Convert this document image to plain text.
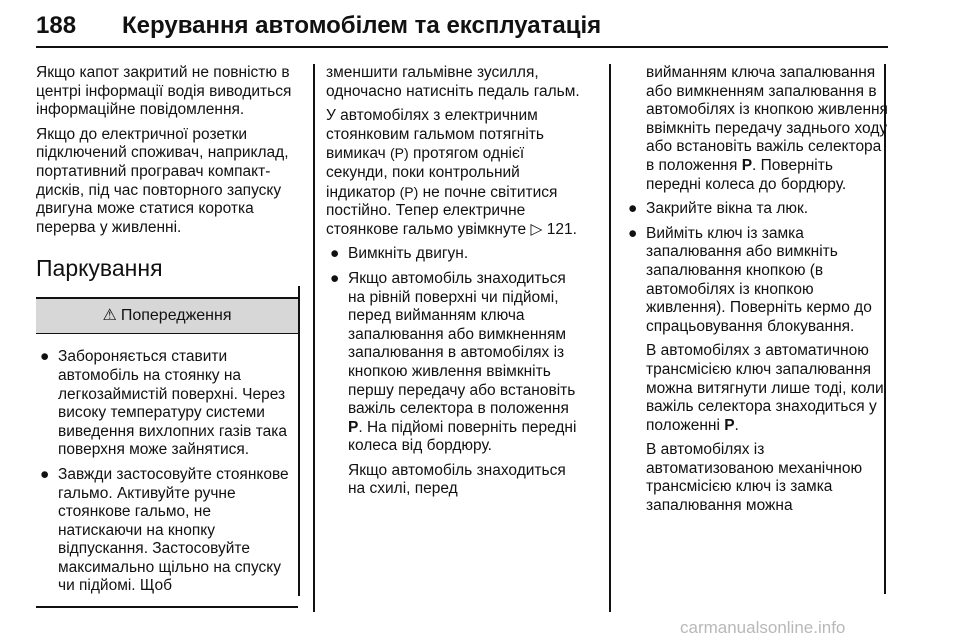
188 Керування автомобілем та експлуатація

Якщо капот закритий не повністю в центрі інформації водія виводиться інформаційне повідомлення.

Якщо до електричної розетки підключений споживач, наприклад, портативний програвач компакт-дисків, під час повторного запуску двигуна може статися коротка перерва у живленні.

Паркування
⚠ Попередження
● Забороняється ставити автомобіль на стоянку на легкозаймистій поверхні. Через високу температуру системи виведення вихлопних газів така поверхня може зайнятися.
● Завжди застосовуйте стоянкове гальмо. Активуйте ручне стоянкове гальмо, не натискаючи на кнопку відпускання. Застосовуйте максимально щільно на спуску чи підйомі. Щоб

зменшити гальмівне зусилля, одночасно натисніть педаль гальм.

У автомобілях з електричним стоянковим гальмом потягніть вимикач (P) протягом однієї секунди, поки контрольний індикатор (P) не почне світитися постійно. Тепер електричне стоянкове гальмо увімкнуте ▷ 121.

● Вимкніть двигун.
● Якщо автомобіль знаходиться на рівній поверхні чи підйомі, перед вийманням ключа запалювання або вимкненням запалювання в автомобілях із кнопкою живлення ввімкніть першу передачу або встановіть важіль селектора в положення P. На підйомі поверніть передні колеса від бордюру.
Якщо автомобіль знаходиться на схилі, перед
вийманням ключа запалювання або вимкненням запалювання в автомобілях із кнопкою живлення ввімкніть передачу заднього ходу або встановіть важіль селектора в положення P. Поверніть передні колеса до бордюру.
● Закрийте вікна та люк.
● Вийміть ключ із замка запалювання або вимкніть запалювання кнопкою (в автомобілях із кнопкою живлення). Поверніть кермо до спрацьовування блокування.
В автомобілях з автоматичною трансмісією ключ запалювання можна витягнути лише тоді, коли важіль селектора знаходиться у положенні P.
В автомобілях із автоматизованою механічною трансмісією ключ із замка запалювання можна
carmanualsonline.info
